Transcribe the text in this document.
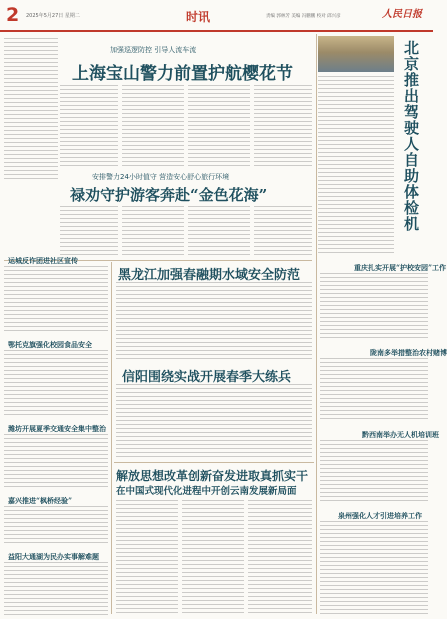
2 2025年5月27日 星期二	时讯	责编 郭林芳 美编 冯鹏鹏 校对 邱兴彦	人民日报
加强巡逻防控 引导人流车流
上海宝山警力前置护航樱花节
安排警力24小时值守 营造安心舒心旅行环境
禄劝守护游客奔赴“金色花海”	北京推出驾驶人自助体检机
重庆扎实开展“护校安园”工作
陇南多举措整治农村赌博
黔西南举办无人机培训班
泉州强化人才引进培养工作
运城反诈团进社区宣传
鄂托克旗强化校园食品安全
潍坊开展夏季交通安全集中整治
嘉兴推进“枫桥经验”
益阳大通湖为民办实事解难题
黑龙江加强春融期水域安全防范
信阳围绕实战开展春季大练兵
解放思想改革创新奋发进取真抓实干
在中国式现代化进程中开创云南发展新局面
